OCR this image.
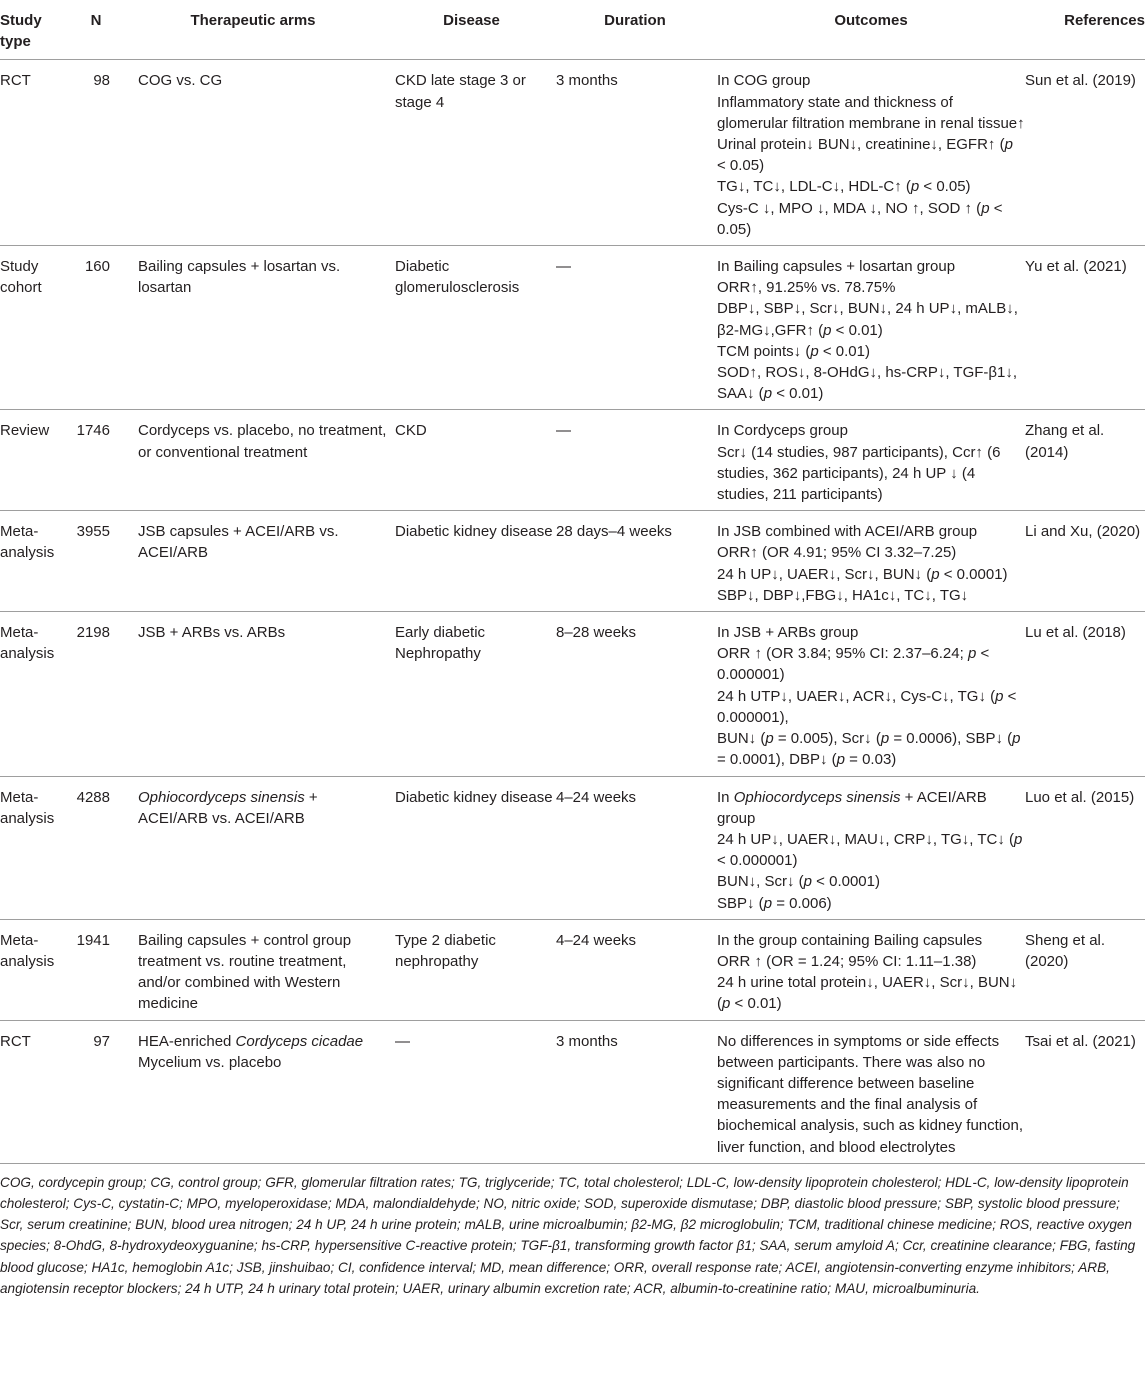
Study type	N	Therapeutic arms	Disease	Duration	Outcomes	References
RCT	98	COG vs. CG	CKD late stage 3 or stage 4	3 months	In COG group
Inflammatory state and thickness of glomerular filtration membrane in renal tissue↑
Urinal protein↓ BUN↓, creatinine↓, EGFR↑ (p < 0.05)
TG↓, TC↓, LDL-C↓, HDL-C↑ (p < 0.05)
Cys-C ↓, MPO ↓, MDA ↓, NO ↑, SOD ↑ (p < 0.05)	Sun et al. (2019)
Study cohort	160	Bailing capsules + losartan vs. losartan	Diabetic glomerulosclerosis	—	In Bailing capsules + losartan group
ORR↑, 91.25% vs. 78.75%
DBP↓, SBP↓, Scr↓, BUN↓, 24 h UP↓, mALB↓, β2-MG↓,GFR↑ (p < 0.01)
TCM points↓ (p < 0.01)
SOD↑, ROS↓, 8-OHdG↓, hs-CRP↓, TGF-β1↓, SAA↓ (p < 0.01)	Yu et al. (2021)
Review	1746	Cordyceps vs. placebo, no treatment, or conventional treatment	CKD	—	In Cordyceps group
Scr↓ (14 studies, 987 participants), Ccr↑ (6 studies, 362 participants), 24 h UP ↓ (4 studies, 211 participants)	Zhang et al. (2014)
Meta-analysis	3955	JSB capsules + ACEI/ARB vs. ACEI/ARB	Diabetic kidney disease	28 days–4 weeks	In JSB combined with ACEI/ARB group
ORR↑ (OR 4.91; 95% CI 3.32–7.25)
24 h UP↓, UAER↓, Scr↓, BUN↓ (p < 0.0001)
SBP↓, DBP↓,FBG↓, HA1c↓, TC↓, TG↓	Li and Xu, (2020)
Meta-analysis	2198	JSB + ARBs vs. ARBs	Early diabetic Nephropathy	8–28 weeks	In JSB + ARBs group
ORR ↑ (OR 3.84; 95% CI: 2.37–6.24; p < 0.000001)
24 h UTP↓, UAER↓, ACR↓, Cys-C↓, TG↓ (p < 0.000001),
BUN↓ (p = 0.005), Scr↓ (p = 0.0006), SBP↓ (p = 0.0001), DBP↓ (p = 0.03)	Lu et al. (2018)
Meta-analysis	4288	Ophiocordyceps sinensis + ACEI/ARB vs. ACEI/ARB	Diabetic kidney disease	4–24 weeks	In Ophiocordyceps sinensis + ACEI/ARB group
24 h UP↓, UAER↓, MAU↓, CRP↓, TG↓, TC↓ (p < 0.000001)
BUN↓, Scr↓ (p < 0.0001)
SBP↓ (p = 0.006)	Luo et al. (2015)
Meta-analysis	1941	Bailing capsules + control group treatment vs. routine treatment, and/or combined with Western medicine	Type 2 diabetic nephropathy	4–24 weeks	In the group containing Bailing capsules
ORR ↑ (OR = 1.24; 95% CI: 1.11–1.38)
24 h urine total protein↓, UAER↓, Scr↓, BUN↓ (p < 0.01)	Sheng et al. (2020)
RCT	97	HEA-enriched Cordyceps cicadae Mycelium vs. placebo	—	3 months	No differences in symptoms or side effects between participants. There was also no significant difference between baseline measurements and the final analysis of biochemical analysis, such as kidney function, liver function, and blood electrolytes	Tsai et al. (2021)

COG, cordycepin group; CG, control group; GFR, glomerular filtration rates; TG, triglyceride; TC, total cholesterol; LDL-C, low-density lipoprotein cholesterol; HDL-C, low-density lipoprotein cholesterol; Cys-C, cystatin-C; MPO, myeloperoxidase; MDA, malondialdehyde; NO, nitric oxide; SOD, superoxide dismutase; DBP, diastolic blood pressure; SBP, systolic blood pressure; Scr, serum creatinine; BUN, blood urea nitrogen; 24 h UP, 24 h urine protein; mALB, urine microalbumin; β2-MG, β2 microglobulin; TCM, traditional chinese medicine; ROS, reactive oxygen species; 8-OhdG, 8-hydroxydeoxyguanine; hs-CRP, hypersensitive C-reactive protein; TGF-β1, transforming growth factor β1; SAA, serum amyloid A; Ccr, creatinine clearance; FBG, fasting blood glucose; HA1c, hemoglobin A1c; JSB, jinshuibao; CI, confidence interval; MD, mean difference; ORR, overall response rate; ACEI, angiotensin-converting enzyme inhibitors; ARB, angiotensin receptor blockers; 24 h UTP, 24 h urinary total protein; UAER, urinary albumin excretion rate; ACR, albumin-to-creatinine ratio; MAU, microalbuminuria.
